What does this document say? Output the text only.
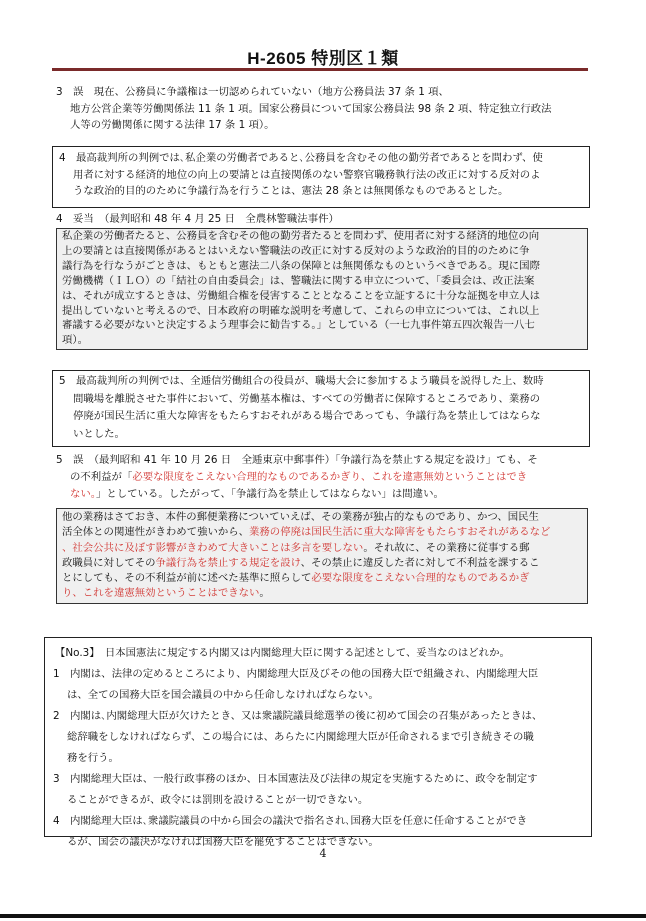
H-2605 特別区１類
3　誤　現在、公務員に争議権は一切認められていない（地方公務員法 37 条 1 項、
地方公営企業等労働関係法 11 条 1 項。国家公務員について国家公務員法 98 条 2 項、特定独立行政法
人等の労働関係に関する法律 17 条 1 項）。
4　最高裁判所の判例では､私企業の労働者であると､公務員を含むその他の勤労者であるとを問わず、使
用者に対する経済的地位の向上の要請とは直接関係のない警察官職務執行法の改正に対する反対のよ
うな政治的目的のために争議行為を行うことは、憲法 28 条とは無関係なものであるとした。
4　妥当　（最判昭和 48 年 4 月 25 日　全農林警職法事件）
私企業の労働者たると、公務員を含むその他の勤労者たるとを問わず、使用者に対する経済的地位の向
上の要請とは直接関係があるとはいえない警職法の改正に対する反対のような政治的目的のために争
議行為を行なうがごときは、もともと憲法二八条の保障とは無関係なものというべきである。現に国際
労働機構（ＩＬＯ）の「結社の自由委員会」は、警職法に関する申立について、「委員会は、改正法案
は、それが成立するときは、労働組合権を侵害することとなることを立証するに十分な証拠を申立人は
提出していないと考えるので、日本政府の明確な説明を考慮して、これらの申立については、これ以上
審議する必要がないと決定するよう理事会に勧告する。」としている（一七九事件第五四次報告一八七
項）。
5　最高裁判所の判例では、全逓信労働組合の役員が、職場大会に参加するよう職員を説得した上、数時
間職場を離脱させた事件において、労働基本権は、すべての労働者に保障するところであり、業務の
停廃が国民生活に重大な障害をもたらすおそれがある場合であっても、争議行為を禁止してはならな
いとした。
5　誤　（最判昭和 41 年 10 月 26 日　全逓東京中郵事件）「争議行為を禁止する規定を設け」ても、そ
の不利益が「必要な限度をこえない合理的なものであるかぎり、これを違憲無効ということはでき
ない。」としている。したがって、「争議行為を禁止してはならない」は間違い。
他の業務はさておき、本件の郵便業務についていえば、その業務が独占的なものであり、かつ、国民生
活全体との関連性がきわめて強いから、業務の停廃は国民生活に重大な障害をもたらすおそれがあるなど
、社会公共に及ぼす影響がきわめて大きいことは多言を要しない。それ故に、その業務に従事する郵
政職員に対してその争議行為を禁止する規定を設け、その禁止に違反した者に対して不利益を課するこ
とにしても、その不利益が前に述べた基準に照らして必要な限度をこえない合理的なものであるかぎ
り、これを違憲無効ということはできない。
【No.3】　日本国憲法に規定する内閣又は内閣総理大臣に関する記述として、妥当なのはどれか。
1　内閣は、法律の定めるところにより、内閣総理大臣及びその他の国務大臣で組織され、内閣総理大臣
は、全ての国務大臣を国会議員の中から任命しなければならない。
2　内閣は､内閣総理大臣が欠けたとき、又は衆議院議員総選挙の後に初めて国会の召集があったときは、
総辞職をしなければならず、この場合には、あらたに内閣総理大臣が任命されるまで引き続きその職
務を行う。
3　内閣総理大臣は、一般行政事務のほか、日本国憲法及び法律の規定を実施するために、政令を制定す
ることができるが、政令には罰則を設けることが一切できない。
4　内閣総理大臣は､衆議院議員の中から国会の議決で指名され､国務大臣を任意に任命することができ
るが、国会の議決がなければ国務大臣を罷免することはできない。
4
